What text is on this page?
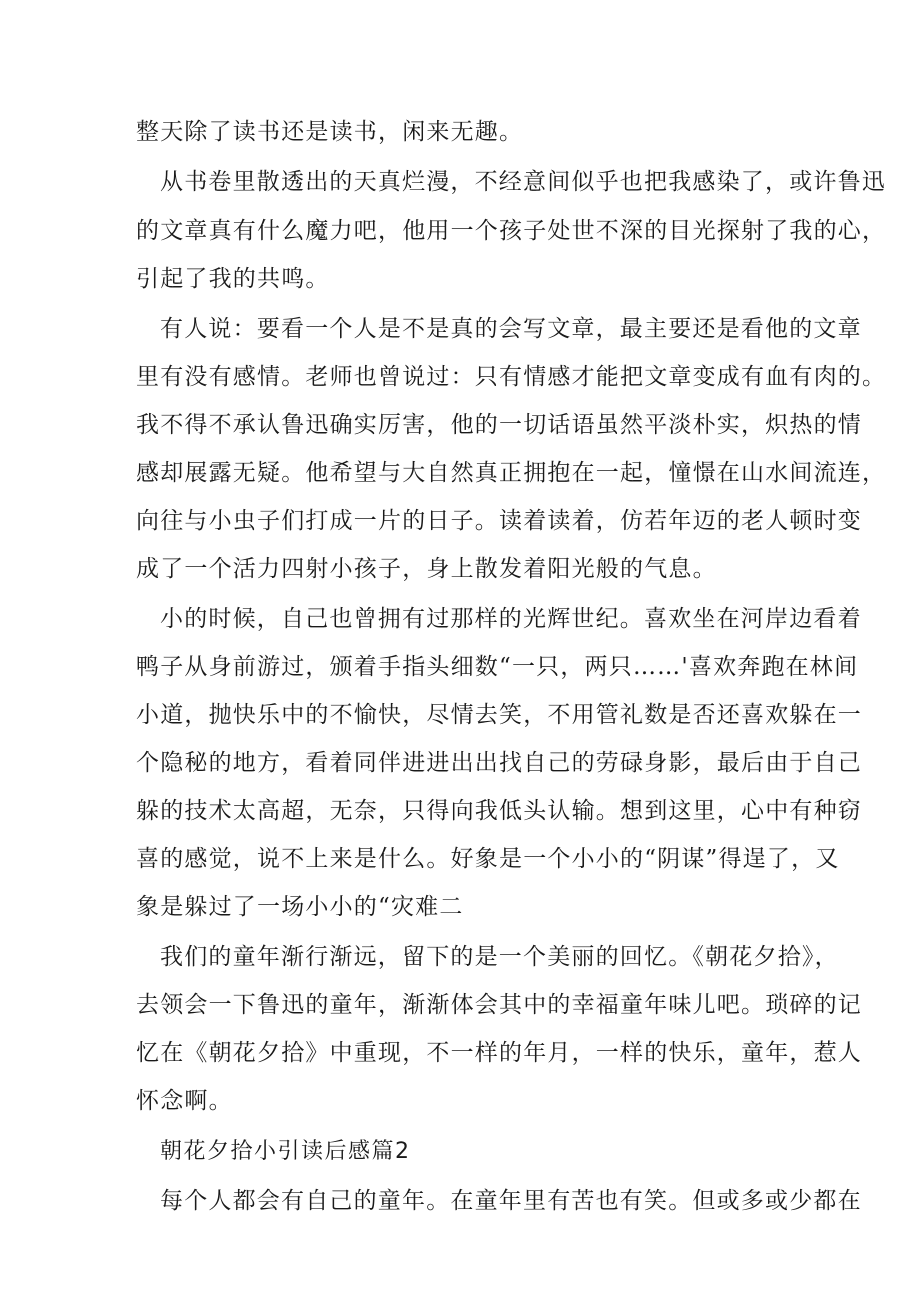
整天除了读书还是读书，闲来无趣。

从书卷里散透出的天真烂漫，不经意间似乎也把我感染了，或许鲁迅

的文章真有什么魔力吧，他用一个孩子处世不深的目光探射了我的心，

引起了我的共鸣。

有人说：要看一个人是不是真的会写文章，最主要还是看他的文章

里有没有感情。老师也曾说过：只有情感才能把文章变成有血有肉的。

我不得不承认鲁迅确实厉害，他的一切话语虽然平淡朴实，炽热的情

感却展露无疑。他希望与大自然真正拥抱在一起，憧憬在山水间流连，

向往与小虫子们打成一片的日子。读着读着，仿若年迈的老人顿时变

成了一个活力四射小孩子，身上散发着阳光般的气息。

小的时候，自己也曾拥有过那样的光辉世纪。喜欢坐在河岸边看着

鸭子从身前游过，颁着手指头细数“一只，两只……'喜欢奔跑在林间

小道，抛快乐中的不愉快，尽情去笑，不用管礼数是否还喜欢躲在一

个隐秘的地方，看着同伴进进出出找自己的劳碌身影，最后由于自己

躲的技术太高超，无奈，只得向我低头认输。想到这里，心中有种窃

喜的感觉，说不上来是什么。好象是一个小小的“阴谋”得逞了，又

象是躲过了一场小小的“灾难二

我们的童年渐行渐远，留下的是一个美丽的回忆。《朝花夕拾》，

去领会一下鲁迅的童年，渐渐体会其中的幸福童年味儿吧。琐碎的记

忆在《朝花夕拾》中重现，不一样的年月，一样的快乐，童年，惹人

怀念啊。

朝花夕拾小引读后感篇2

每个人都会有自己的童年。在童年里有苦也有笑。但或多或少都在
